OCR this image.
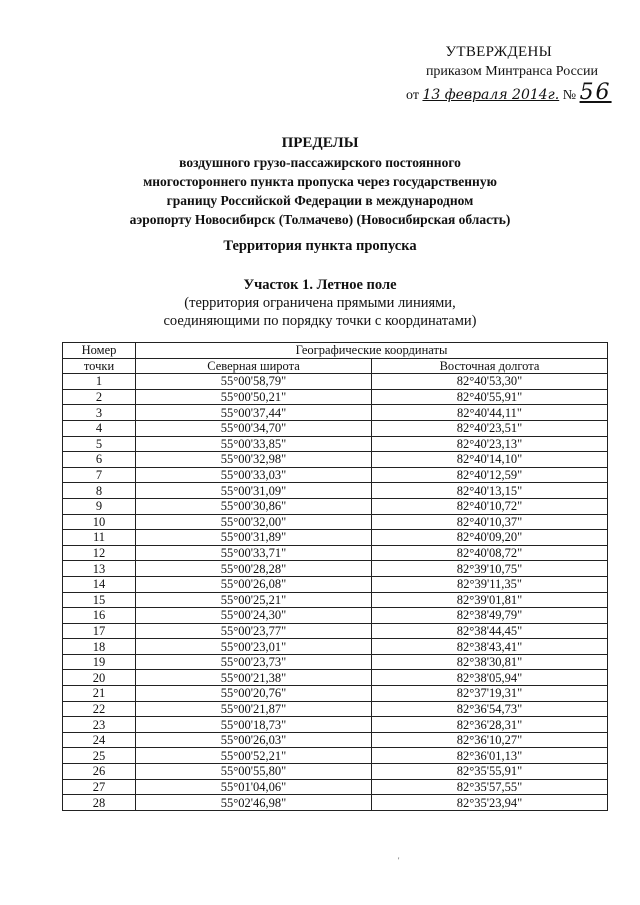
УТВЕРЖДЕНЫ
приказом Минтранса России
от 13 февраля 2014г. № 56
ПРЕДЕЛЫ
воздушного грузо-пассажирского постоянного
многостороннего пункта пропуска через государственную
границу Российской Федерации в международном
аэропорту Новосибирск (Толмачево) (Новосибирская область)
Территория пункта пропуска
Участок 1. Летное поле
(территория ограничена прямыми линиями,
соединяющими по порядку точки с координатами)
Номер	Географические координаты	
точки	Северная широта	Восточная долгота
1	55°00'58,79"	82°40'53,30"
2	55°00'50,21"	82°40'55,91"
3	55°00'37,44"	82°40'44,11"
4	55°00'34,70"	82°40'23,51"
5	55°00'33,85"	82°40'23,13"
6	55°00'32,98"	82°40'14,10"
7	55°00'33,03"	82°40'12,59"
8	55°00'31,09"	82°40'13,15"
9	55°00'30,86"	82°40'10,72"
10	55°00'32,00"	82°40'10,37"
11	55°00'31,89"	82°40'09,20"
12	55°00'33,71"	82°40'08,72"
13	55°00'28,28"	82°39'10,75"
14	55°00'26,08"	82°39'11,35"
15	55°00'25,21"	82°39'01,81"
16	55°00'24,30"	82°38'49,79"
17	55°00'23,77"	82°38'44,45"
18	55°00'23,01"	82°38'43,41"
19	55°00'23,73"	82°38'30,81"
20	55°00'21,38"	82°38'05,94"
21	55°00'20,76"	82°37'19,31"
22	55°00'21,87"	82°36'54,73"
23	55°00'18,73"	82°36'28,31"
24	55°00'26,03"	82°36'10,27"
25	55°00'52,21"	82°36'01,13"
26	55°00'55,80"	82°35'55,91"
27	55°01'04,06"	82°35'57,55"
28	55°02'46,98"	82°35'23,94"
'
